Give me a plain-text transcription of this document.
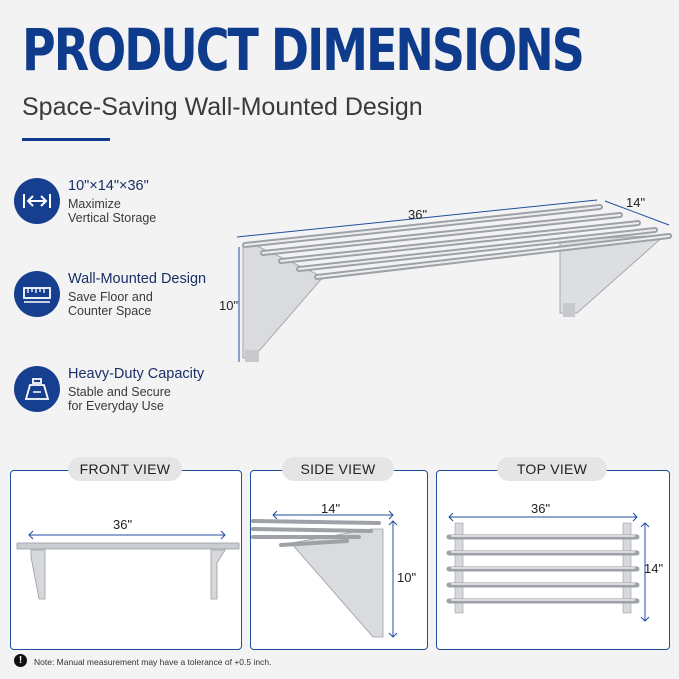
PRODUCT DIMENSIONS
Space-Saving Wall-Mounted Design
10"×14"×36"
Maximize
Vertical Storage
Wall-Mounted Design
Save Floor and
Counter Space
Heavy-Duty Capacity
Stable and Secure
for Everyday Use
36"
14"
10"
36"
FRONT VIEW
14"
10"
SIDE VIEW
36"
14"
TOP VIEW
!	Note: Manual measurement may have a tolerance of +0.5 inch.
